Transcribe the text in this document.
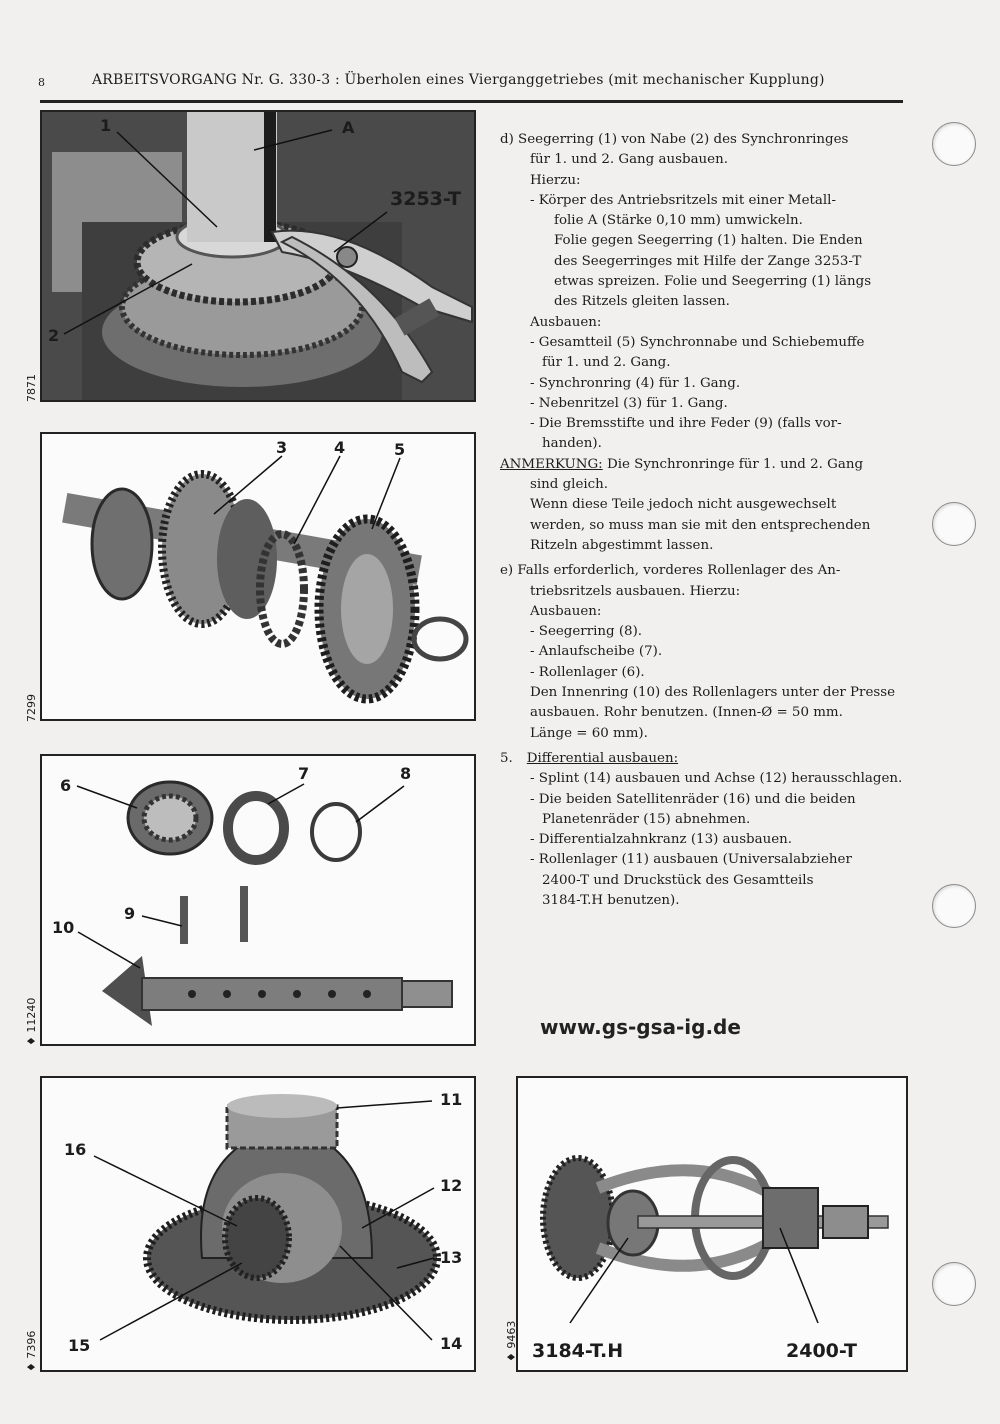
8	ARBEITSVORGANG Nr. G. 330-3 : Überholen eines Vierganggetriebes (mit mechanischer Kupplung)
1	A
3253-T
2
7871
3	4	5
7299
6
7	8
9
10
♦ 11240
11
16
12
13
15	14
♦ 7396	3184-T.H	2400-T
♦ 9463

d) Seegerring (1) von Nabe (2) des Synchronringes

für 1. und 2. Gang ausbauen.

Hierzu:

- Körper des Antriebsritzels mit einer Metall-

folie A (Stärke 0,10 mm) umwickeln.

Folie gegen Seegerring (1) halten. Die Enden

des Seegerringes mit Hilfe der Zange 3253-T

etwas spreizen. Folie und Seegerring (1) längs

des Ritzels gleiten lassen.

Ausbauen:

- Gesamtteil (5) Synchronnabe und Schiebemuffe

für 1. und 2. Gang.

- Synchronring (4) für 1. Gang.

- Nebenritzel (3) für 1. Gang.

- Die Bremsstifte und ihre Feder (9) (falls vor-

handen).

ANMERKUNG: Die Synchronringe für 1. und 2. Gang

sind gleich.

Wenn diese Teile jedoch nicht ausgewechselt

werden, so muss man sie mit den entsprechenden

Ritzeln abgestimmt lassen.

e) Falls erforderlich, vorderes Rollenlager des An-

triebsritzels ausbauen. Hierzu:

Ausbauen:

- Seegerring (8).

- Anlaufscheibe (7).

- Rollenlager (6).

Den Innenring (10) des Rollenlagers unter der Presse

ausbauen. Rohr benutzen. (Innen-Ø = 50 mm.

Länge = 60 mm).

5. Differential ausbauen:

- Splint (14) ausbauen und Achse (12) herausschlagen.

- Die beiden Satellitenräder (16) und die beiden

Planetenräder (15) abnehmen.

- Differentialzahnkranz (13) ausbauen.

- Rollenlager (11) ausbauen (Universalabzieher

2400-T und Druckstück des Gesamtteils

3184-T.H benutzen).

www.gs-gsa-ig.de
